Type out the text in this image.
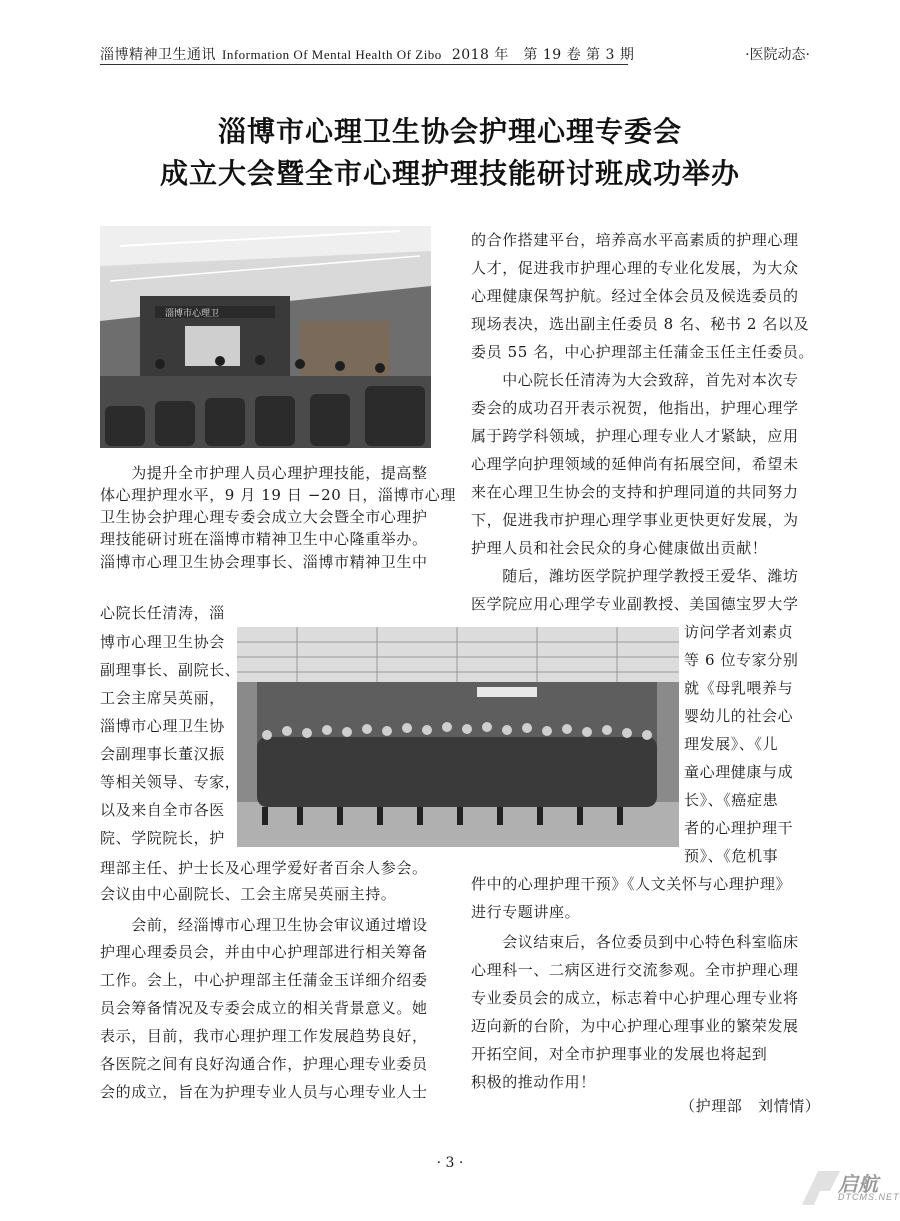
淄博精神卫生通讯 Information Of Mental Health Of Zibo 2018 年　第 19 卷 第 3 期	·医院动态·
淄博市心理卫生协会护理心理专委会
成立大会暨全市心理护理技能研讨班成功举办
淄博市心理卫
　　为提升全市护理人员心理护理技能，提高整
体心理护理水平，9 月 19 日 −20 日，淄博市心理
卫生协会护理心理专委会成立大会暨全市心理护
理技能研讨班在淄博市精神卫生中心隆重举办。
淄博市心理卫生协会理事长、淄博市精神卫生中
心院长任清涛，淄
博市心理卫生协会
副理事长、副院长、
工会主席吴英丽，
淄博市心理卫生协
会副理事长董汉振
等相关领导、专家，
以及来自全市各医
院、学院院长，护
理部主任、护士长及心理学爱好者百余人参会。
会议由中心副院长、工会主席吴英丽主持。
　　会前，经淄博市心理卫生协会审议通过增设
护理心理委员会，并由中心护理部进行相关筹备
工作。会上，中心护理部主任蒲金玉详细介绍委
员会筹备情况及专委会成立的相关背景意义。她
表示，目前，我市心理护理工作发展趋势良好，
各医院之间有良好沟通合作，护理心理专业委员
会的成立，旨在为护理专业人员与心理专业人士
的合作搭建平台，培养高水平高素质的护理心理
人才，促进我市护理心理的专业化发展，为大众
心理健康保驾护航。经过全体会员及候选委员的
现场表决，选出副主任委员 8 名、秘书 2 名以及
委员 55 名，中心护理部主任蒲金玉任主任委员。
　　中心院长任清涛为大会致辞，首先对本次专
委会的成功召开表示祝贺，他指出，护理心理学
属于跨学科领域，护理心理专业人才紧缺，应用
心理学向护理领域的延伸尚有拓展空间，希望未
来在心理卫生协会的支持和护理同道的共同努力
下，促进我市护理心理学事业更快更好发展，为
护理人员和社会民众的身心健康做出贡献！
　　随后，潍坊医学院护理学教授王爱华、潍坊
医学院应用心理学专业副教授、美国德宝罗大学
访问学者刘素贞
等 6 位专家分别
就《母乳喂养与
婴幼儿的社会心
理发展》、《儿
童心理健康与成
长》、《癌症患
者的心理护理干
预》、《危机事
件中的心理护理干预》《人文关怀与心理护理》
进行专题讲座。
　　会议结束后，各位委员到中心特色科室临床
心理科一、二病区进行交流参观。全市护理心理
专业委员会的成立，标志着中心护理心理专业将
迈向新的台阶，为中心护理心理事业的繁荣发展
开拓空间，对全市护理事业的发展也将起到
积极的推动作用！
（护理部　刘情情）
· 3 ·
启航
DTCMS.NET
